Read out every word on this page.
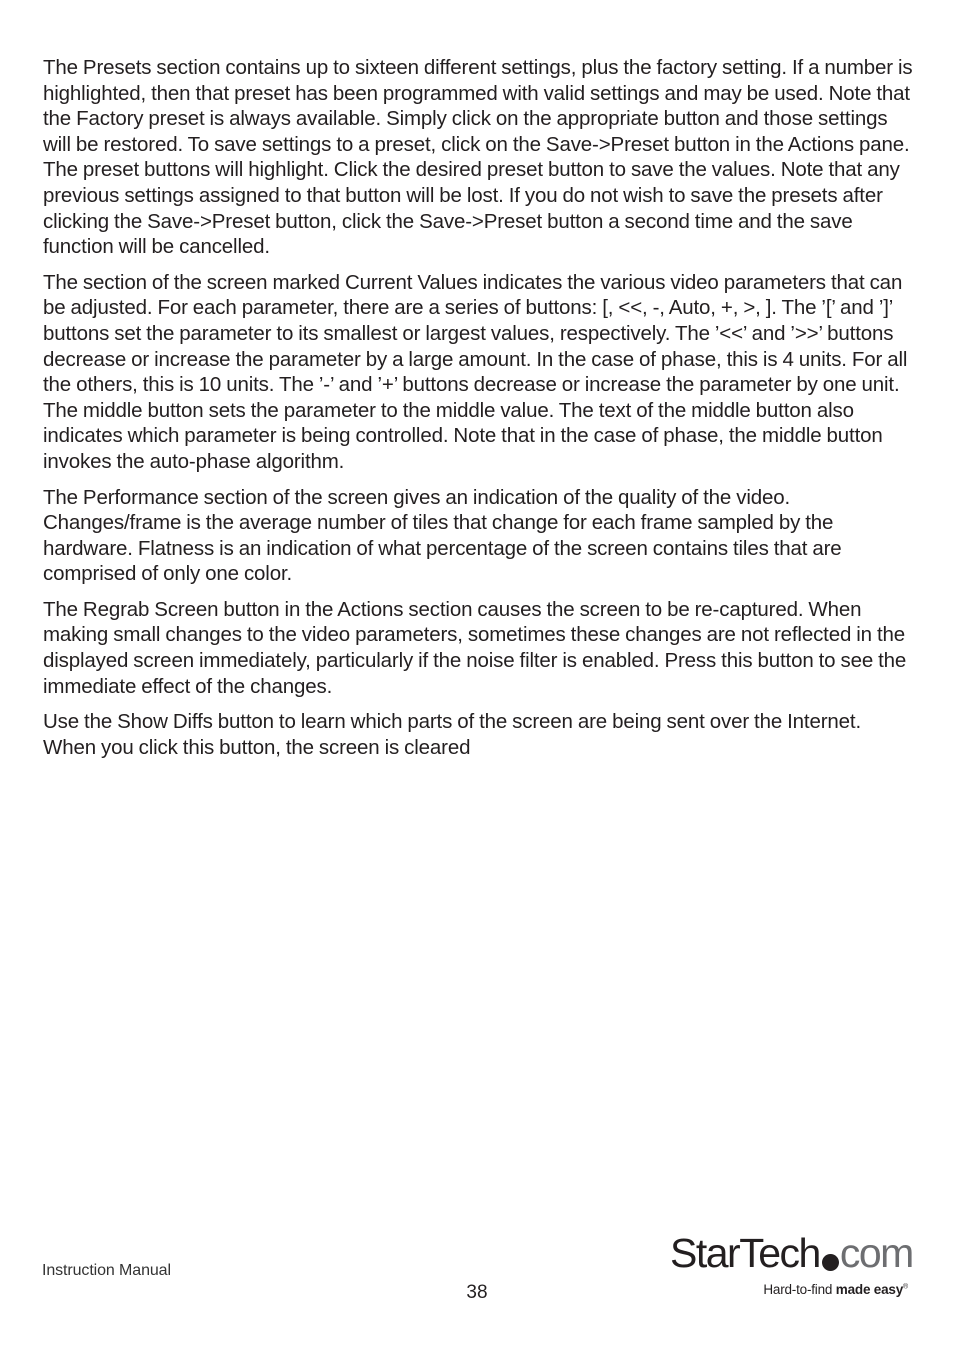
The Presets section contains up to sixteen different settings, plus the factory setting. If a number is highlighted, then that preset has been programmed with valid settings and may be used. Note that the Factory preset is always available. Simply click on the appropriate button and those settings will be restored. To save settings to a preset, click on the Save->Preset button in the Actions pane. The preset buttons will highlight. Click the desired preset button to save the values. Note that any previous settings assigned to that button will be lost. If you do not wish to save the presets after clicking the Save->Preset button, click the Save->Preset button a second time and the save function will be cancelled.

The section of the screen marked Current Values indicates the various video parameters that can be adjusted. For each parameter, there are a series of buttons: [, <<, -, Auto, +, >, ]. The ’[’ and ’]’ buttons set the parameter to its smallest or largest values, respectively. The ’<<’ and ’>>’ buttons decrease or increase the parameter by a large amount. In the case of phase, this is 4 units. For all the others, this is 10 units. The ’-’ and ’+’ buttons decrease or increase the parameter by one unit. The middle button sets the parameter to the middle value. The text of the middle button also indicates which parameter is being controlled. Note that in the case of phase, the middle button invokes the auto-phase algorithm.

The Performance section of the screen gives an indication of the quality of the video. Changes/frame is the average number of tiles that change for each frame sampled by the hardware. Flatness is an indication of what percentage of the screen contains tiles that are comprised of only one color.

The Regrab Screen button in the Actions section causes the screen to be re-captured. When making small changes to the video parameters, sometimes these changes are not reflected in the displayed screen immediately, particularly if the noise filter is enabled. Press this button to see the immediate effect of the changes.

Use the Show Diffs button to learn which parts of the screen are being sent over the Internet. When you click this button, the screen is cleared

Instruction Manual
38
StarTech com
Hard-to-find made easy®
